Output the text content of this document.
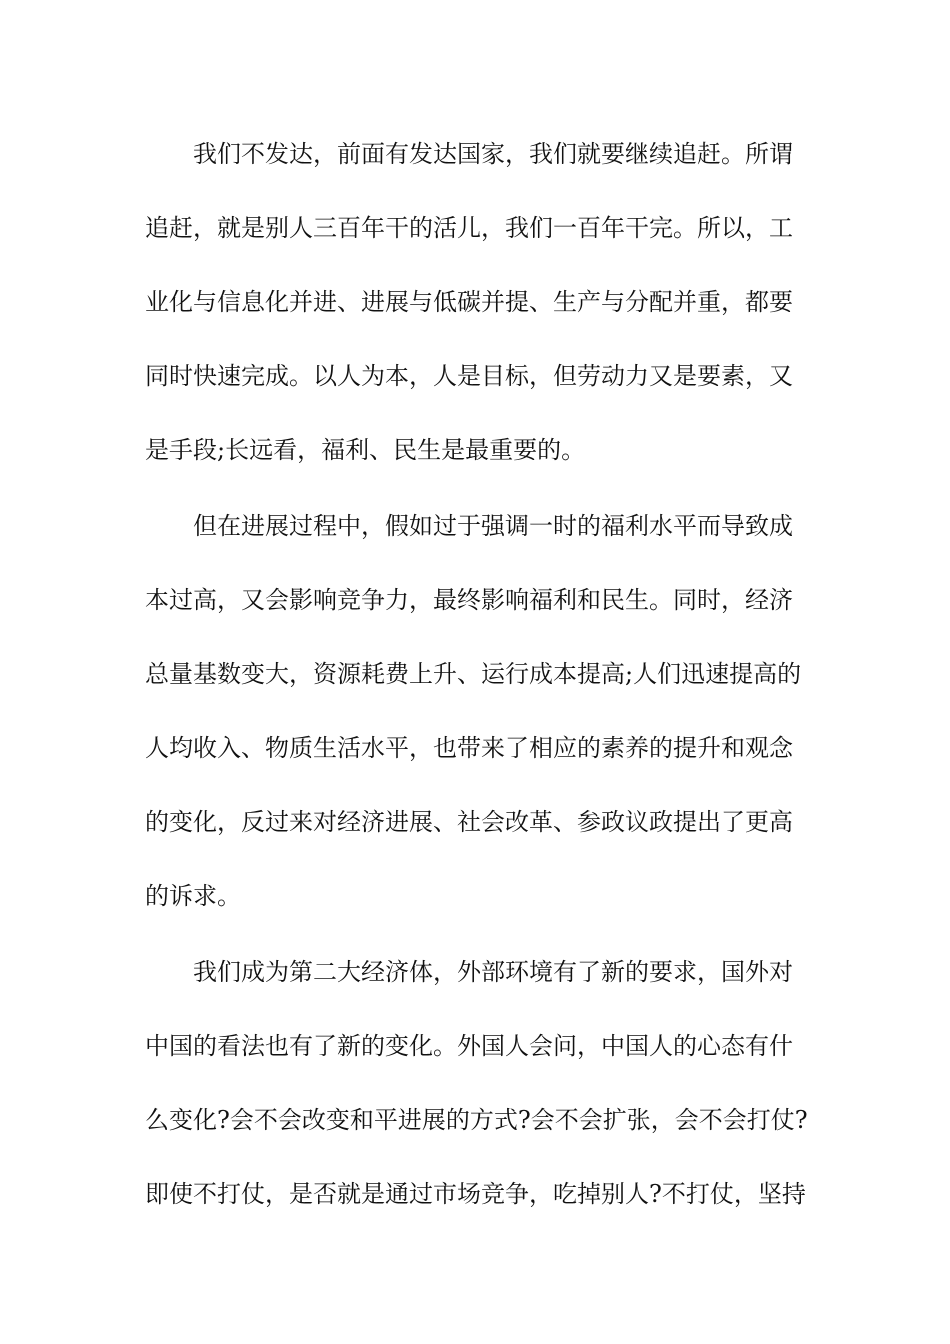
我们不发达，前面有发达国家，我们就要继续追赶。所谓
追赶，就是别人三百年干的活儿，我们一百年干完。所以，工
业化与信息化并进、进展与低碳并提、生产与分配并重，都要
同时快速完成。以人为本，人是目标，但劳动力又是要素，又
是手段;长远看，福利、民生是最重要的。
但在进展过程中，假如过于强调一时的福利水平而导致成
本过高，又会影响竞争力，最终影响福利和民生。同时，经济
总量基数变大，资源耗费上升、运行成本提高;人们迅速提高的
人均收入、物质生活水平，也带来了相应的素养的提升和观念
的变化，反过来对经济进展、社会改革、参政议政提出了更高
的诉求。
我们成为第二大经济体，外部环境有了新的要求，国外对
中国的看法也有了新的变化。外国人会问，中国人的心态有什
么变化?会不会改变和平进展的方式?会不会扩张，会不会打仗?
即使不打仗，是否就是通过市场竞争，吃掉别人?不打仗，坚持
